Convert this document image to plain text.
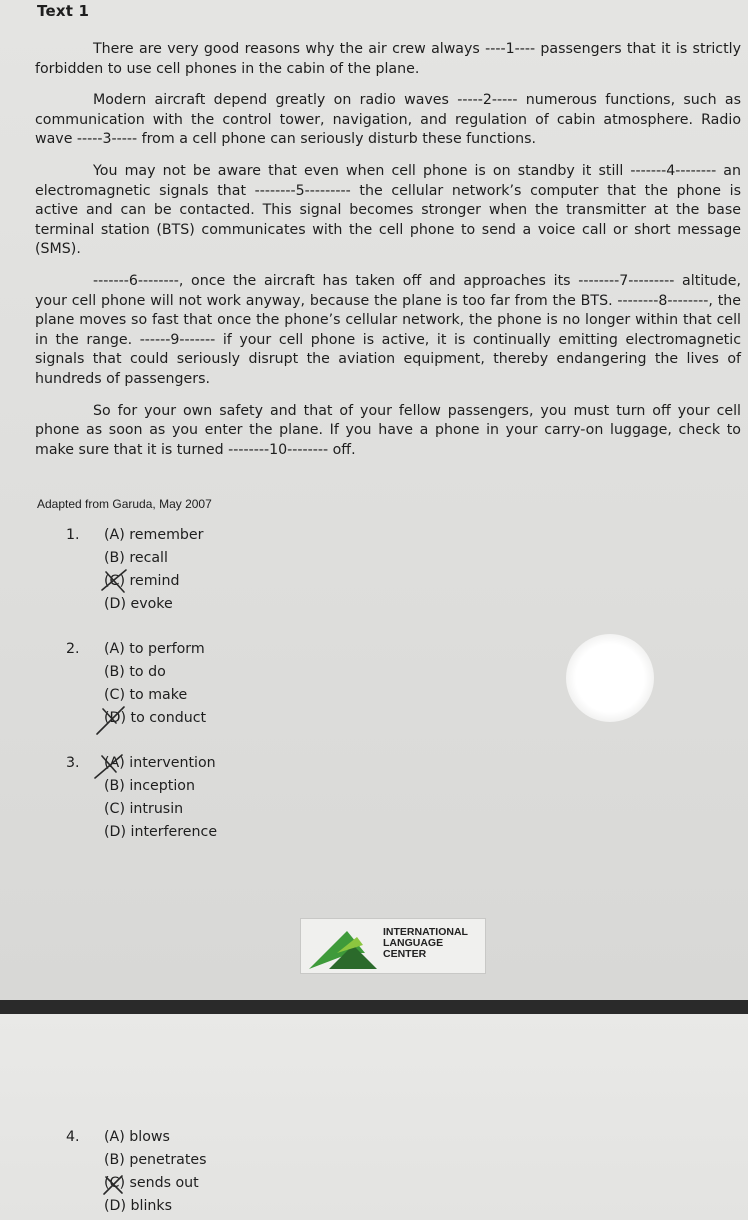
Text 1

There are very good reasons why the air crew always ----1---- passengers that it is strictly forbidden to use cell phones in the cabin of the plane.

Modern aircraft depend greatly on radio waves -----2----- numerous functions, such as communication with the control tower, navigation, and regulation of cabin atmosphere. Radio wave -----3----- from a cell phone can seriously disturb these functions.

You may not be aware that even when cell phone is on standby it still -------4-------- an electromagnetic signals that --------5--------- the cellular network’s computer that the phone is active and can be contacted. This signal becomes stronger when the transmitter at the base terminal station (BTS) communicates with the cell phone to send a voice call or short message (SMS).

-------6--------, once the aircraft has taken off and approaches its --------7--------- altitude, your cell phone will not work anyway, because the plane is too far from the BTS. --------8--------, the plane moves so fast that once the phone’s cellular network, the phone is no longer within that cell in the range. ------9------- if your cell phone is active, it is continually emitting electromagnetic signals that could seriously disrupt the aviation equipment, thereby endangering the lives of hundreds of passengers.

So for your own safety and that of your fellow passengers, you must turn off your cell phone as soon as you enter the plane. If you have a phone in your carry-on luggage, check to make sure that it is turned --------10-------- off.

Adapted from Garuda, May 2007
1. (A) remember
(B) recall
(C) remind
(D) evoke
2. (A) to perform
(B) to do
(C) to make
(D) to conduct
3. (A) intervention
(B) inception
(C) intrusin
(D) interference
4. (A) blows
(B) penetrates
(C) sends out
(D) blinks
INTERNATIONAL
LANGUAGE
CENTER
